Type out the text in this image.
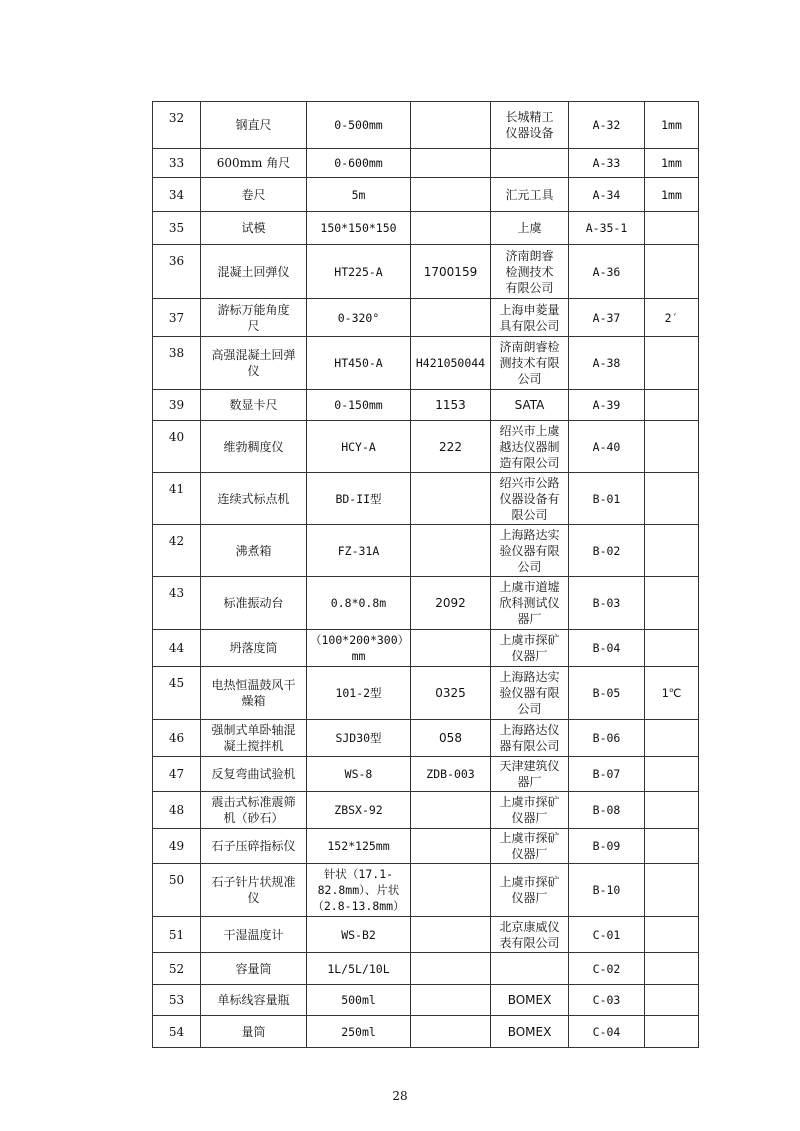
32	钢直尺	0-500mm		长城精工
仪器设备	A-32	1mm
33	600mm 角尺	0-600mm			A-33	1mm
34	卷尺	5m		汇元工具	A-34	1mm
35	试模	150*150*150		上虞	A-35-1	
36	混凝土回弹仪	HT225-A	1700159	济南朗睿
检测技术
有限公司	A-36	
37	游标万能角度
尺	0-320°		上海申菱量
具有限公司	A-37	2′
38	高强混凝土回弹
仪	HT450-A	H421050044	济南朗睿检
测技术有限
公司	A-38	
39	数显卡尺	0-150mm	1153	SATA	A-39	
40	维勃稠度仪	HCY-A	222	绍兴市上虞
越达仪器制
造有限公司	A-40	
41	连续式标点机	BD-II型		绍兴市公路
仪器设备有
限公司	B-01	
42	沸煮箱	FZ-31A		上海路达实
验仪器有限
公司	B-02	
43	标准振动台	0.8*0.8m	2092	上虞市道墟
欣科测试仪
器厂	B-03	
44	坍落度筒	（100*200*300）
mm		上虞市探矿
仪器厂	B-04	
45	电热恒温鼓风干
燥箱	101-2型	0325	上海路达实
验仪器有限
公司	B-05	1℃
46	强制式单卧轴混
凝土搅拌机	SJD30型	058	上海路达仪
器有限公司	B-06	
47	反复弯曲试验机	WS-8	ZDB-003	天津建筑仪
器厂	B-07	
48	震击式标准震筛
机（砂石）	ZBSX-92		上虞市探矿
仪器厂	B-08	
49	石子压碎指标仪	152*125mm		上虞市探矿
仪器厂	B-09	
50	石子针片状规准
仪	针状（17.1-
82.8mm）、片状
（2.8-13.8mm）		上虞市探矿
仪器厂	B-10	
51	干湿温度计	WS-B2		北京康威仪
表有限公司	C-01	
52	容量筒	1L/5L/10L			C-02	
53	单标线容量瓶	500ml		BOMEX	C-03	
54	量筒	250ml		BOMEX	C-04	
28
